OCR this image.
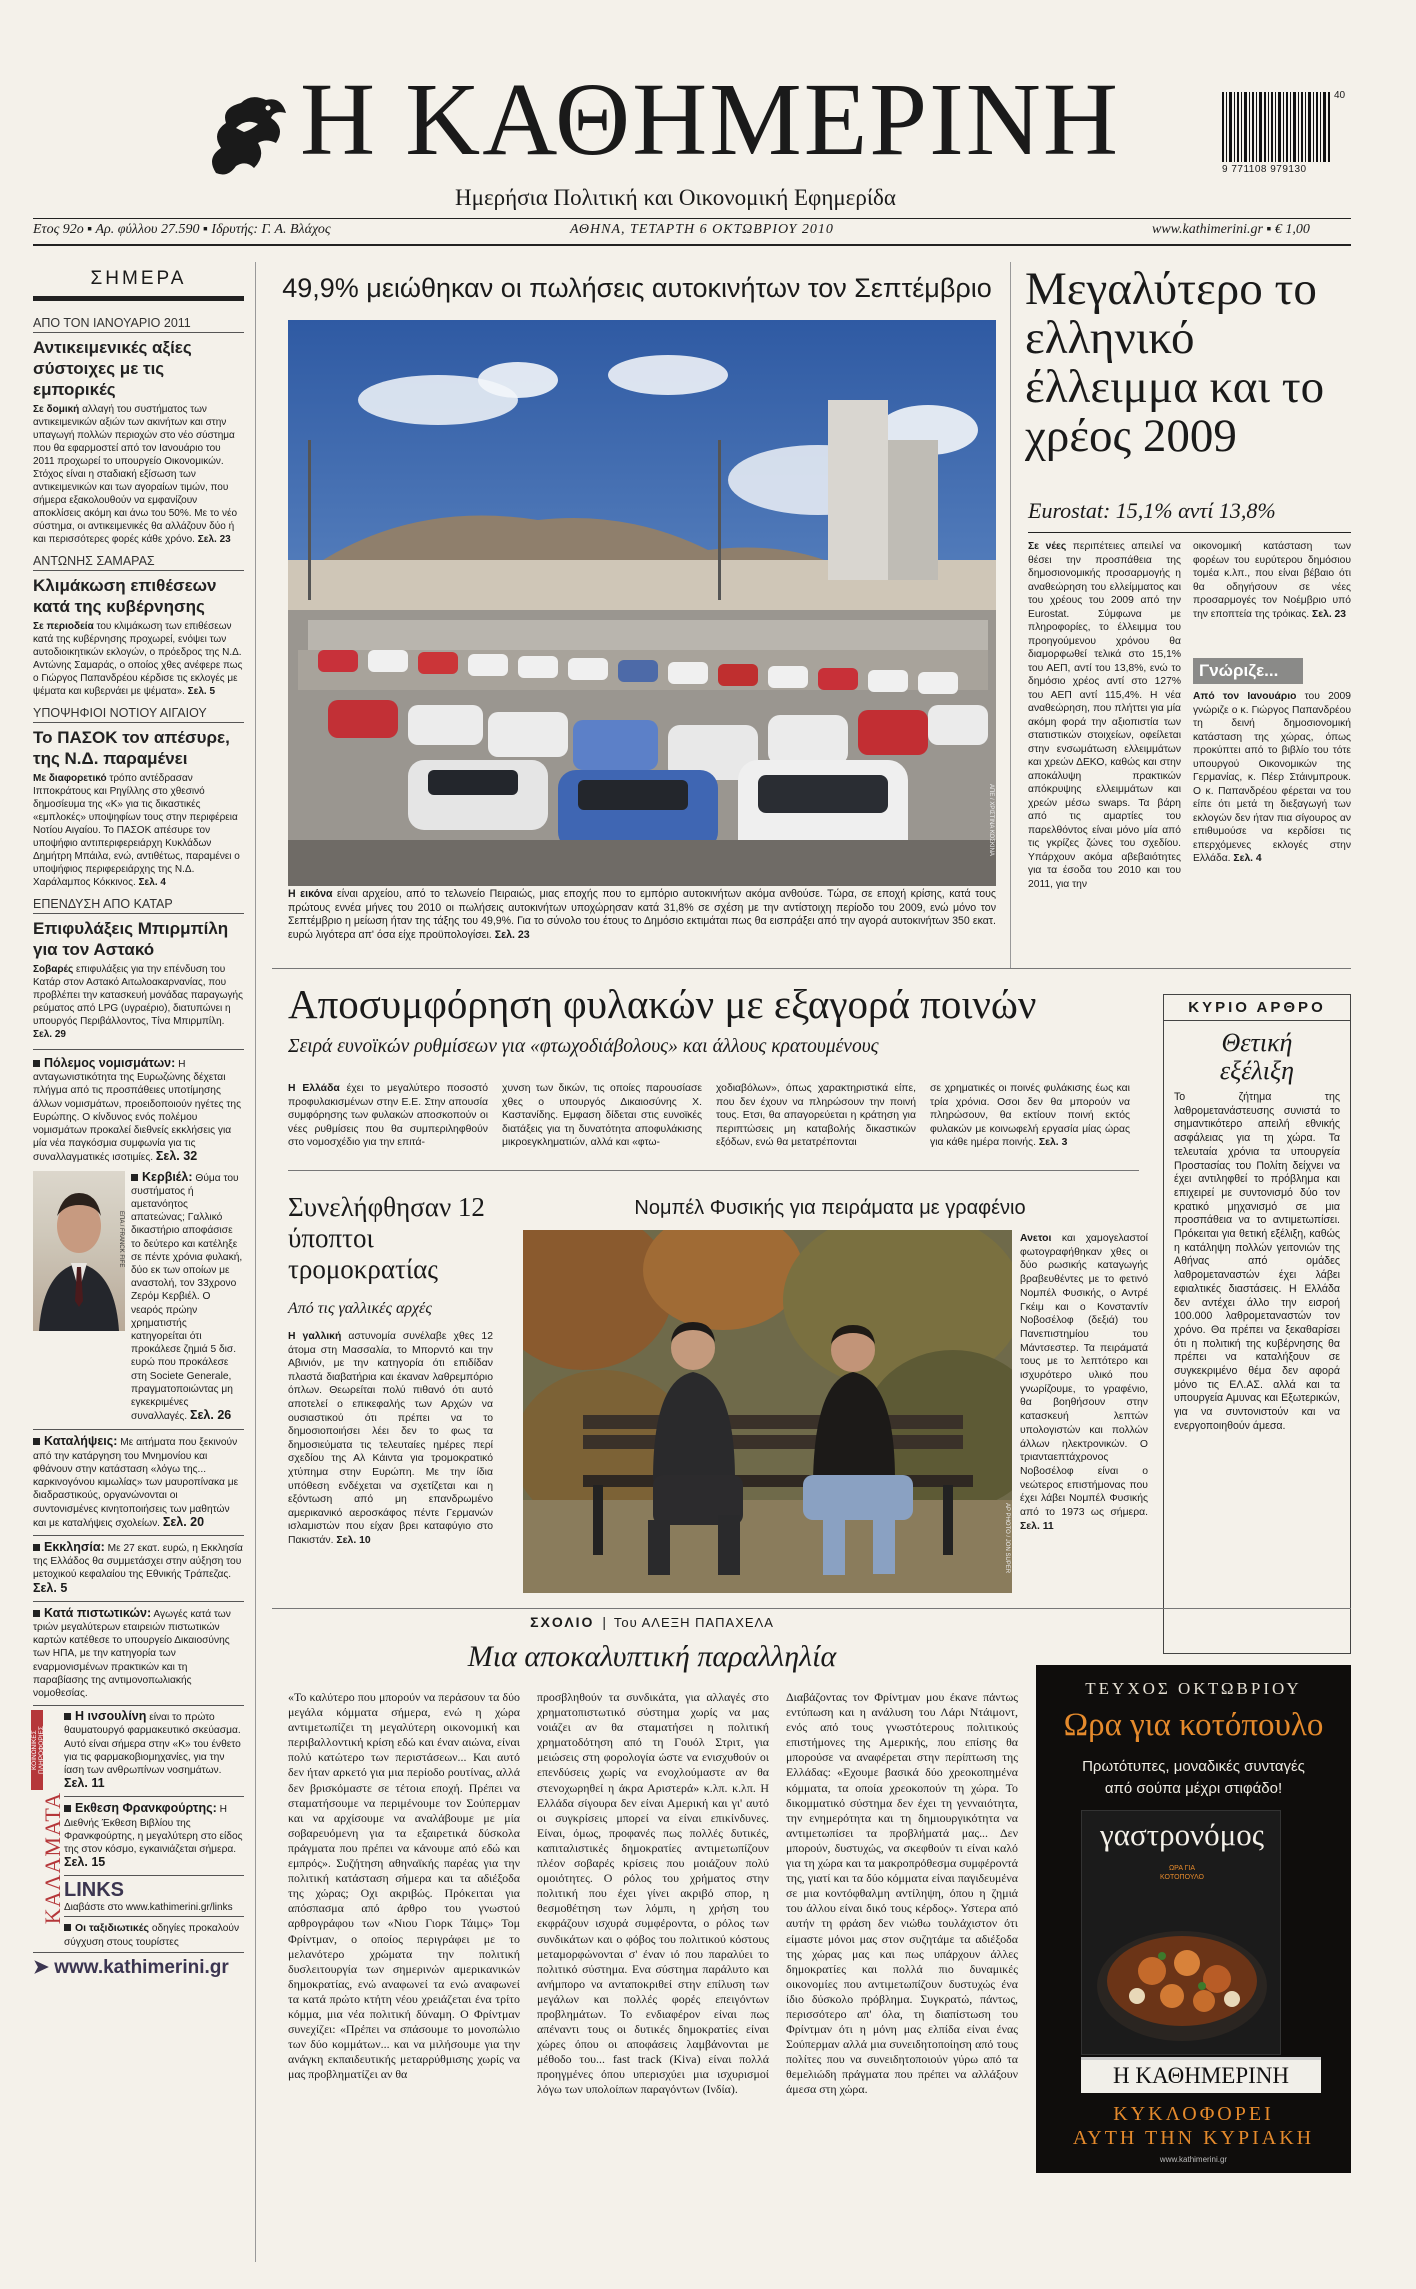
Η ΚΑΘΗΜΕΡΙΝΗ
Ημερήσια Πολιτική και Οικονομική Εφημερίδα
40
9 771108 979130
Ετος 92ο ▪ Αρ. φύλλου 27.590 ▪ Ιδρυτής: Γ. Α. Βλάχος	ΑΘΗΝΑ, ΤΕΤΑΡΤΗ 6 ΟΚΤΩΒΡΙΟΥ 2010	www.kathimerini.gr ▪ € 1,00
ΣΗΜΕΡΑ
ΑΠΟ ΤΟΝ ΙΑΝΟΥΑΡΙΟ 2011
Αντικειμενικές αξίες σύστοιχες με τις εμπορικές
Σε δομική αλλαγή του συστήματος των αντικειμενικών αξιών των ακινήτων και στην υπαγωγή πολλών περιοχών στο νέο σύστημα που θα εφαρμοστεί από τον Ιανουάριο του 2011 προχωρεί το υπουργείο Οικονομικών. Στόχος είναι η σταδιακή εξίσωση των αντικειμενικών και των αγοραίων τιμών, που σήμερα εξακολουθούν να εμφανίζουν αποκλίσεις ακόμη και άνω του 50%. Με το νέο σύστημα, οι αντικειμενικές θα αλλάζουν δύο ή και περισσότερες φορές κάθε χρόνο. Σελ. 23
ΑΝΤΩΝΗΣ ΣΑΜΑΡΑΣ
Κλιμάκωση επιθέσεων κατά της κυβέρνησης
Σε περιοδεία του κλιμάκωση των επιθέσεων κατά της κυβέρνησης προχωρεί, ενόψει των αυτοδιοικητικών εκλογών, ο πρόεδρος της Ν.Δ. Αντώνης Σαμαράς, ο οποίος χθες ανέφερε πως ο Γιώργος Παπανδρέου κέρδισε τις εκλογές με ψέματα και κυβερνάει με ψέματα». Σελ. 5
ΥΠΟΨΗΦΙΟΙ ΝΟΤΙΟΥ ΑΙΓΑΙΟΥ
Το ΠΑΣΟΚ τον απέσυρε, της Ν.Δ. παραμένει
Με διαφορετικό τρόπο αντέδρασαν Ιπποκράτους και Ρηγίλλης στο χθεσινό δημοσίευμα της «Κ» για τις δικαστικές «εμπλοκές» υποψηφίων τους στην περιφέρεια Νοτίου Αιγαίου. Το ΠΑΣΟΚ απέσυρε τον υποψήφιο αντιπεριφερειάρχη Κυκλάδων Δημήτρη Μπάιλα, ενώ, αντιθέτως, παραμένει ο υποψήφιος περιφερειάρχης της Ν.Δ. Χαράλαμπος Κόκκινος. Σελ. 4
ΕΠΕΝΔΥΣΗ ΑΠΟ ΚΑΤΑΡ
Επιφυλάξεις Μπιρμπίλη για τον Αστακό
Σοβαρές επιφυλάξεις για την επένδυση του Κατάρ στον Αστακό Αιτωλοακαρνανίας, που προβλέπει την κατασκευή μονάδας παραγωγής ρεύματος από LPG (υγραέριο), διατυπώνει η υπουργός Περιβάλλοντος, Τίνα Μπιρμπίλη. Σελ. 29
Πόλεμος νομισμάτων: Η ανταγωνιστικότητα της Ευρωζώνης δέχεται πλήγμα από τις προσπάθειες υποτίμησης άλλων νομισμάτων, προειδοποιούν ηγέτες της Ευρώπης. Ο κίνδυνος ενός πολέμου νομισμάτων προκαλεί διεθνείς εκκλήσεις για μία νέα παγκόσμια συμφωνία για τις συναλλαγματικές ισοτιμίες. Σελ. 32
ΕΠΑ / FRANCK FIFE
Κερβιέλ: Θύμα του συστήματος ή αμετανόητος απατεώνας; Γαλλικό δικαστήριο αποφάσισε το δεύτερο και κατέληξε σε πέντε χρόνια φυλακή, δύο εκ των οποίων με αναστολή, τον 33χρονο Ζερόμ Κερβιέλ. Ο νεαρός πρώην χρηματιστής κατηγορείται ότι προκάλεσε ζημιά 5 δισ. ευρώ που προκάλεσε στη Societe Generale, πραγματοποιώντας μη εγκεκριμένες συναλλαγές. Σελ. 26
Καταλήψεις: Με αιτήματα που ξεκινούν από την κατάργηση του Μνημονίου και φθάνουν στην κατάσταση «λόγω της... καρκινογόνου κιμωλίας» των μαυροπίνακα με διαδραστικούς, οργανώνονται οι συντονισμένες κινητοποιήσεις των μαθητών και με καταλήψεις σχολείων. Σελ. 20
Εκκλησία: Με 27 εκατ. ευρώ, η Εκκλησία της Ελλάδος θα συμμετάσχει στην αύξηση του μετοχικού κεφαλαίου της Εθνικής Τράπεζας. Σελ. 5
Κατά πιστωτικών: Αγωγές κατά των τριών μεγαλύτερων εταιρειών πιστωτικών καρτών κατέθεσε το υπουργείο Δικαιοσύνης των ΗΠΑ, με την κατηγορία των εναρμονισμένων πρακτικών και τη παραβίασης της αντιμονοπωλιακής νομοθεσίας.
ΚΟΙΝΩΝΙΚΕΣ ΠΛΗΡΟΦΟΡΙΕΣ
ΚΑΛΑΜΑΤΑ
Η ινσουλίνη είναι το πρώτο θαυματουργό φαρμακευτικό σκεύασμα. Αυτό είναι σήμερα στην «Κ» του ένθετο για τις φαρμακοβιομηχανίες, για την ίαση των ανθρωπίνων νοσημάτων. Σελ. 11
Εκθεση Φρανκφούρτης: Η Διεθνής Έκθεση Βιβλίου της Φρανκφούρτης, η μεγαλύτερη στο είδος της στον κόσμο, εγκαινιάζεται σήμερα. Σελ. 15
LINKS
Διαβάστε στο www.kathimerini.gr/links
Οι ταξιδιωτικές οδηγίες προκαλούν σύγχυση στους τουρίστες
➤ www.kathimerini.gr
49,9% μειώθηκαν οι πωλήσεις αυτοκινήτων τον Σεπτέμβριο
ΑΠΕ / ΧΡΙΣΤΙΝΑ ΚΟΣΚΙΝΑ
Η εικόνα είναι αρχείου, από το τελωνείο Πειραιώς, μιας εποχής που το εμπόριο αυτοκινήτων ακόμα ανθούσε. Τώρα, σε εποχή κρίσης, κατά τους πρώτους εννέα μήνες του 2010 οι πωλήσεις αυτοκινήτων υποχώρησαν κατά 31,8% σε σχέση με την αντίστοιχη περίοδο του 2009, ενώ μόνο τον Σεπτέμβριο η μείωση ήταν της τάξης του 49,9%. Για το σύνολο του έτους το Δημόσιο εκτιμάται πως θα εισπράξει από την αγορά αυτοκινήτων 350 εκατ. ευρώ λιγότερα απ' όσα είχε προϋπολογίσει. Σελ. 23
Μεγαλύτερο το ελληνικό έλλειμμα και το χρέος 2009
Eurostat: 15,1% αντί 13,8%
Σε νέες περιπέτειες απειλεί να θέσει την προσπάθεια της δημοσιονομικής προσαρμογής η αναθεώρηση του ελλείμματος και του χρέους του 2009 από την Eurostat. Σύμφωνα με πληροφορίες, το έλλειμμα του προηγούμενου χρόνου θα διαμορφωθεί τελικά στο 15,1% του ΑΕΠ, αντί του 13,8%, ενώ το δημόσιο χρέος αντί στο 127% του ΑΕΠ αντί 115,4%. Η νέα αναθεώρηση, που πλήττει για μία ακόμη φορά την αξιοπιστία των στατιστικών στοιχείων, οφείλεται στην ενσωμάτωση ελλειμμάτων και χρεών ΔΕΚΟ, καθώς και στην αποκάλυψη πρακτικών απόκρυψης ελλειμμάτων και χρεών μέσω swaps. Τα βάρη από τις αμαρτίες του παρελθόντος είναι μόνο μία από τις γκρίζες ζώνες του σχεδίου. Υπάρχουν ακόμα αβεβαιότητες για τα έσοδα του 2010 και του 2011, για την
οικονομική κατάσταση των φορέων του ευρύτερου δημόσιου τομέα κ.λπ., που είναι βέβαιο ότι θα οδηγήσουν σε νέες προσαρμογές τον Νοέμβριο υπό την εποπτεία της τρόικας. Σελ. 23
Γνώριζε...
Από τον Ιανουάριο του 2009 γνώριζε ο κ. Γιώργος Παπανδρέου τη δεινή δημοσιονομική κατάσταση της χώρας, όπως προκύπτει από το βιβλίο του τότε υπουργού Οικονομικών της Γερμανίας, κ. Πέερ Στάινμπρουκ. Ο κ. Παπανδρέου φέρεται να του είπε ότι μετά τη διεξαγωγή των εκλογών δεν ήταν πια σίγουρος αν επιθυμούσε να κερδίσει τις επερχόμενες εκλογές στην Ελλάδα. Σελ. 4
Αποσυμφόρηση φυλακών με εξαγορά ποινών
Σειρά ευνοϊκών ρυθμίσεων για «φτωχοδιάβολους» και άλλους κρατουμένους
Η Ελλάδα έχει το μεγαλύτερο ποσοστό προφυλακισμένων στην Ε.Ε. Στην απουσία συμφόρησης των φυλακών αποσκοπούν οι νέες ρυθμίσεις που θα συμπεριληφθούν στο νομοσχέδιο για την επιτά-
χυνση των δικών, τις οποίες παρουσίασε χθες ο υπουργός Δικαιοσύνης Χ. Καστανίδης. Εμφαση δίδεται στις ευνοϊκές διατάξεις για τη δυνατότητα αποφυλάκισης μικροεγκληματιών, αλλά και «φτω-
χοδιαβόλων», όπως χαρακτηριστικά είπε, που δεν έχουν να πληρώσουν την ποινή τους. Ετσι, θα απαγορεύεται η κράτηση για περιπτώσεις μη καταβολής δικαστικών εξόδων, ενώ θα μετατρέπονται
σε χρηματικές οι ποινές φυλάκισης έως και τρία χρόνια. Οσοι δεν θα μπορούν να πληρώσουν, θα εκτίουν ποινή εκτός φυλακών με κοινωφελή εργασία μίας ώρας για κάθε ημέρα ποινής. Σελ. 3
ΚΥΡΙΟ ΑΡΘΡΟ
Θετική εξέλιξη
Το ζήτημα της λαθρομετανάστευσης συνιστά το σημαντικότερο απειλή εθνικής ασφάλειας για τη χώρα. Τα τελευταία χρόνια τα υπουργεία Προστασίας του Πολίτη δείχνει να έχει αντιληφθεί το πρόβλημα και επιχειρεί με συντονισμό δύο τον κρατικό μηχανισμό σε μια προσπάθεια να το αντιμετωπίσει. Πρόκειται για θετική εξέλιξη, καθώς η κατάληψη πολλών γειτονιών της Αθήνας από ομάδες λαθρομεταναστών έχει λάβει εφιαλτικές διαστάσεις. Η Ελλάδα δεν αντέχει άλλο την εισροή 100.000 λαθρομεταναστών τον χρόνο. Θα πρέπει να ξεκαθαρίσει ότι η πολιτική της κυβέρνησης θα πρέπει να καταλήξουν σε συγκεκριμένο θέμα δεν αφορά μόνο τις ΕΛ.ΑΣ. αλλά και τα υπουργεία Αμυνας και Εξωτερικών, για να συντονιστούν και να ενεργοποιηθούν άμεσα.
Συνελήφθησαν 12 ύποπτοι τρομοκρατίας
Από τις γαλλικές αρχές
Η γαλλική αστυνομία συνέλαβε χθες 12 άτομα στη Μασσαλία, το Μπορντό και την Αβινιόν, με την κατηγορία ότι επιδίδαν πλαστά διαβατήρια και έκαναν λαθρεμπόριο όπλων. Θεωρείται πολύ πιθανό ότι αυτό αποτελεί ο επικεφαλής των Αρχών να ουσιαστικού ότι πρέπει να το δημοσιοποιήσει λέει δεν το φως τα δημοσιεύματα τις τελευταίες ημέρες περί σχεδίου της Αλ Κάιντα για τρομοκρατικό χτύπημα στην Ευρώπη. Με την ίδια υπόθεση ενδέχεται να σχετίζεται και η εξόντωση από μη επανδρωμένο αμερικανικό αεροσκάφος πέντε Γερμανών ισλαμιστών που είχαν βρει καταφύγιο στο Πακιστάν. Σελ. 10
Νομπέλ Φυσικής για πειράματα με γραφένιο
AP PHOTO / JON SUPER
Ανετοι και χαμογελαστοί φωτογραφήθηκαν χθες οι δύο ρωσικής καταγωγής βραβευθέντες με το φετινό Νομπέλ Φυσικής, ο Αντρέ Γκέιμ και ο Κονσταντίν Νοβοσέλοφ (δεξιά) του Πανεπιστημίου του Μάντσεστερ. Τα πειράματά τους με το λεπτότερο και ισχυρότερο υλικό που γνωρίζουμε, το γραφένιο, θα βοηθήσουν στην κατασκευή λεπτών υπολογιστών και πολλών άλλων ηλεκτρονικών. Ο τριανταεπτάχρονος Νοβοσέλοφ είναι ο νεώτερος επιστήμονας που έχει λάβει Νομπέλ Φυσικής από το 1973 ως σήμερα. Σελ. 11
ΣΧΟΛΙΟ  |  Του ΑΛΕΞΗ ΠΑΠΑΧΕΛΑ
Μια αποκαλυπτική παραλληλία
«Το καλύτερο που μπορούν να περάσουν τα δύο μεγάλα κόμματα σήμερα, ενώ η χώρα αντιμετωπίζει τη μεγαλύτερη οικονομική και περιβαλλοντική κρίση εδώ και έναν αιώνα, είναι πολύ κατώτερο των περιστάσεων... Και αυτό δεν ήταν αρκετό για μια περίοδο ρουτίνας, αλλά δεν βρισκόμαστε σε τέτοια εποχή. Πρέπει να σταματήσουμε να περιμένουμε τον Σούπερμαν και να αρχίσουμε να αναλάβουμε με μία σοβαρευόμενη για τα εξαιρετικά δύσκολα πράγματα που πρέπει να κάνουμε από εδώ και εμπρός». Συζήτηση αθηναϊκής παρέας για την πολιτική κατάσταση σήμερα και τα αδιέξοδα της χώρας; Οχι ακριβώς. Πρόκειται για απόσπασμα από άρθρο του γνωστού αρθρογράφου των «Νιου Γιορκ Τάιμς» Τομ Φρίντμαν, ο οποίος περιγράφει με το μελανότερο χρώματα την πολιτική δυσλειτουργία των σημερινών αμερικανικών δημοκρατίας, ενώ αναφωνεί τα ενώ αναφωνεί τα κατά πρώτο κτήτη νέου χρειάζεται ένα τρίτο κόμμα, μια νέα πολιτική δύναμη. Ο Φρίντμαν συνεχίζει: «Πρέπει να σπάσουμε το μονοπώλιο των δύο κομμάτων... και να μιλήσουμε για την ανάγκη εκπαιδευτικής μεταρρύθμισης χωρίς να μας προβληματίζει αν θα
προσβληθούν τα συνδικάτα, για αλλαγές στο χρηματοπιστωτικό σύστημα χωρίς να μας νοιάζει αν θα σταματήσει η πολιτική χρηματοδότηση από τη Γουόλ Στριτ, για μειώσεις στη φορολογία ώστε να ενισχυθούν οι επενδύσεις χωρίς να ενοχλούμαστε αν θα στενοχωρηθεί η άκρα Αριστερά» κ.λπ. κ.λπ. Η Ελλάδα σίγουρα δεν είναι Αμερική και γι' αυτό οι συγκρίσεις μπορεί να είναι επικίνδυνες. Είναι, όμως, προφανές πως πολλές δυτικές, καπιταλιστικές δημοκρατίες αντιμετωπίζουν πλέον σοβαρές κρίσεις που μοιάζουν πολύ ομοιότητες. Ο ρόλος του χρήματος στην πολιτική που έχει γίνει ακριβό σπορ, η θεσμοθέτηση των λόμπι, η χρήση του εκφράζουν ισχυρά συμφέροντα, ο ρόλος των συνδικάτων και ο φόβος του πολιτικού κόστους μεταμορφώνονται σ' έναν ιό που παραλύει το πολιτικό σύστημα. Ενα σύστημα παράλυτο και ανήμπορο να ανταποκριθεί στην επίλυση των μεγάλων και πολλές φορές επειγόντων προβλημάτων. Το ενδιαφέρον είναι πως απέναντι τους οι δυτικές δημοκρατίες είναι χώρες όπου οι αποφάσεις λαμβάνονται με μέθοδο του... fast track (Kiva) είναι πολλά προηγμένες όπου υπερισχύει μια ισχυρισμοί λόγω των υπολοίπων παραγόντων (Ινδία).
Διαβάζοντας τον Φρίντμαν μου έκανε πάντως εντύπωση και η ανάλυση του Λάρι Ντάιμοντ, ενός από τους γνωστότερους πολιτικούς επιστήμονες της Αμερικής, που επίσης θα μπορούσε να αναφέρεται στην περίπτωση της Ελλάδας: «Εχουμε βασικά δύο χρεοκοπημένα κόμματα, τα οποία χρεοκοπούν τη χώρα. Το δικομματικό σύστημα δεν έχει τη γενναιότητα, την ενημερότητα και τη δημιουργικότητα να αντιμετωπίσει τα προβλήματά μας... Δεν μπορούν, δυστυχώς, να σκεφθούν τι είναι καλό για τη χώρα και τα μακροπρόθεσμα συμφέροντά της, γιατί και τα δύο κόμματα είναι παγιδευμένα σε μια κοντόφθαλμη αντίληψη, όπου η ζημιά του άλλου είναι δικό τους κέρδος». Υστερα από αυτήν τη φράση δεν νιώθω τουλάχιστον ότι είμαστε μόνοι μας στον συζητάμε τα αδιέξοδα της χώρας μας και πως υπάρχουν άλλες δημοκρατίες και πολλά πιο δυναμικές οικονομίες που αντιμετωπίζουν δυστυχώς ένα ίδιο δύσκολο πρόβλημα. Συγκρατώ, πάντως, περισσότερο απ' όλα, τη διαπίστωση του Φρίντμαν ότι η μόνη μας ελπίδα είναι ένας Σούπερμαν αλλά μια συνειδητοποίηση από τους πολίτες που να συνειδητοποιούν γύρω από τα θεμελιώδη πράγματα που πρέπει να αλλάξουν άμεσα στη χώρα.
ΤΕΥΧΟΣ ΟΚΤΩΒΡΙΟΥ
Ωρα για κοτόπουλο
Πρωτότυπες, μοναδικές συνταγές
από σούπα μέχρι στιφάδο!
γαστρονόμος
ΩΡΑ ΓΙΑ
ΚΟΤΟΠΟΥΛΟ
Η ΚΑΘΗΜΕΡΙΝΗ
ΚΥΚΛΟΦΟΡΕΙ
ΑΥΤΗ ΤΗΝ ΚΥΡΙΑΚΗ
www.kathimerini.gr
